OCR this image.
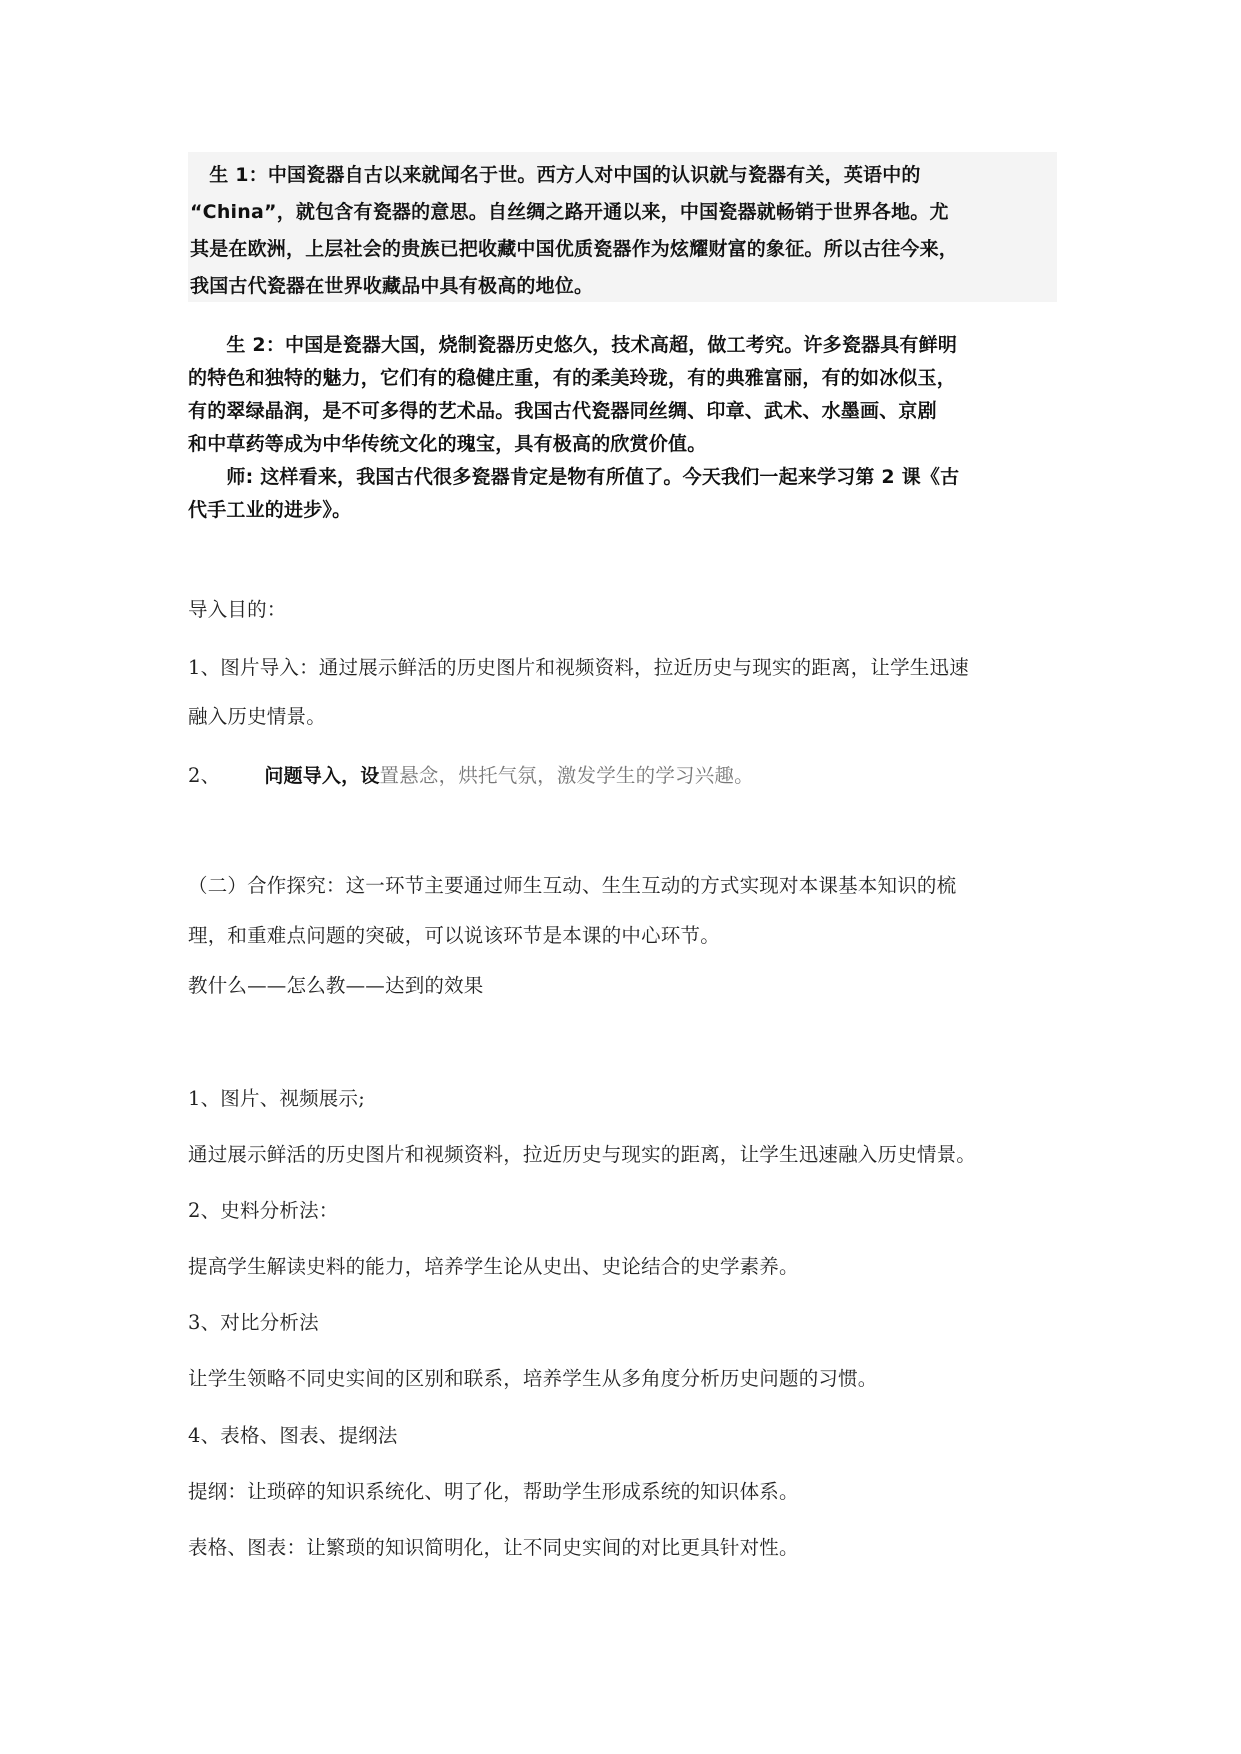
　生 1：中国瓷器自古以来就闻名于世。西方人对中国的认识就与瓷器有关，英语中的
“China”，就包含有瓷器的意思。自丝绸之路开通以来，中国瓷器就畅销于世界各地。尤
其是在欧洲，上层社会的贵族已把收藏中国优质瓷器作为炫耀财富的象征。所以古往今来，
我国古代瓷器在世界收藏品中具有极高的地位。
　　生 2：中国是瓷器大国，烧制瓷器历史悠久，技术高超，做工考究。许多瓷器具有鲜明
的特色和独特的魅力，它们有的稳健庄重，有的柔美玲珑，有的典雅富丽，有的如冰似玉，
有的翠绿晶润，是不可多得的艺术品。我国古代瓷器同丝绸、印章、武术、水墨画、京剧
和中草药等成为中华传统文化的瑰宝，具有极高的欣赏价值。
　　师: 这样看来，我国古代很多瓷器肯定是物有所值了。今天我们一起来学习第 2 课《古
代手工业的进步》。
导入目的：
1、图片导入：通过展示鲜活的历史图片和视频资料，拉近历史与现实的距离，让学生迅速
融入历史情景。
2、 问题导入，设置悬念，烘托气氛，激发学生的学习兴趣。
（二）合作探究：这一环节主要通过师生互动、生生互动的方式实现对本课基本知识的梳
理，和重难点问题的突破，可以说该环节是本课的中心环节。
教什么——怎么教——达到的效果
1、图片、视频展示;
通过展示鲜活的历史图片和视频资料，拉近历史与现实的距离，让学生迅速融入历史情景。
2、史料分析法：
提高学生解读史料的能力，培养学生论从史出、史论结合的史学素养。
3、对比分析法
让学生领略不同史实间的区别和联系，培养学生从多角度分析历史问题的习惯。
4、表格、图表、提纲法
提纲：让琐碎的知识系统化、明了化，帮助学生形成系统的知识体系。
表格、图表：让繁琐的知识简明化，让不同史实间的对比更具针对性。
